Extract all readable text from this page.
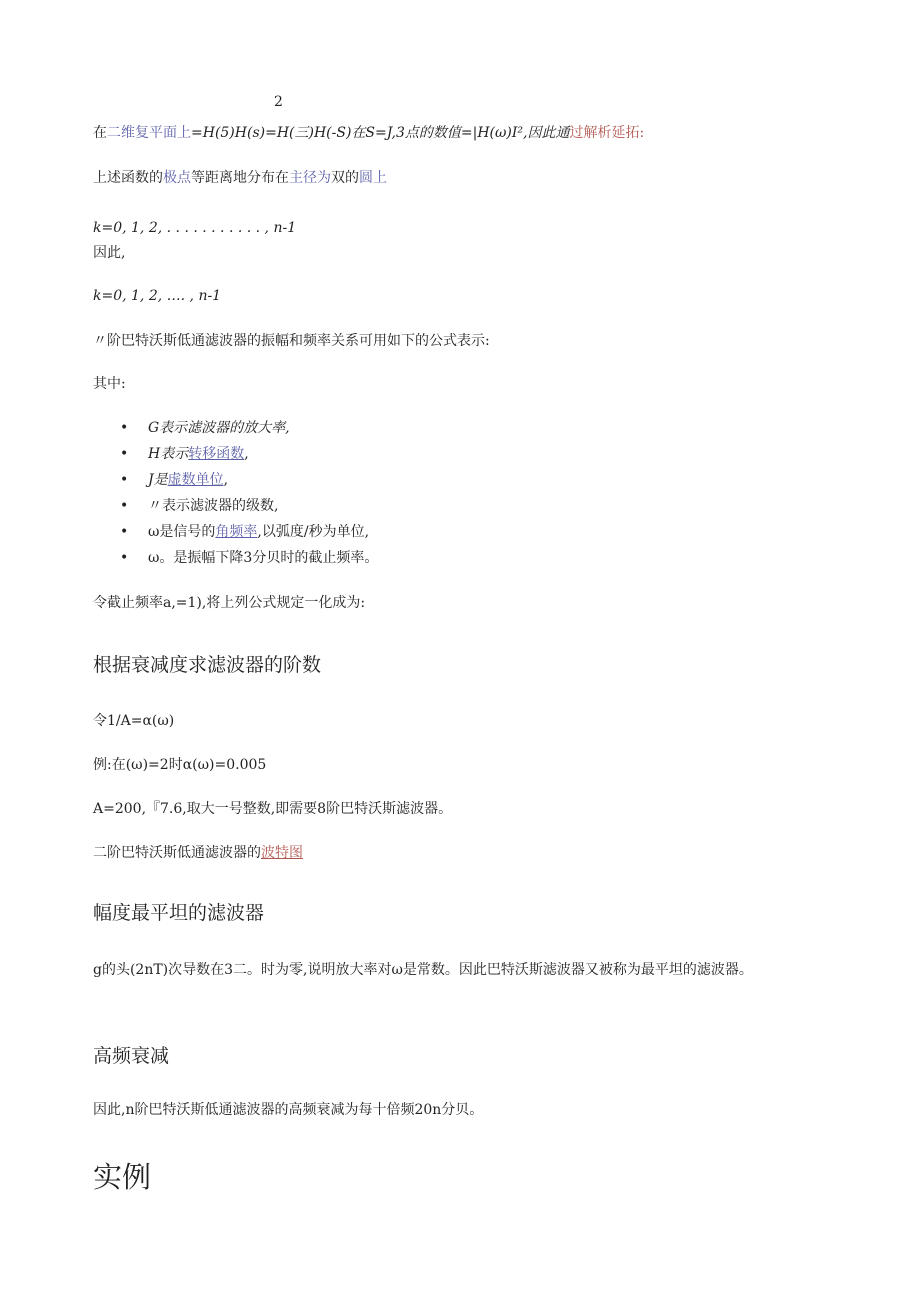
2
在二维复平面上=H(5)H(s)=H(三)H(-S)在S=J,3点的数值=|H(ω)I²,因此通过解析延拓:
上述函数的极点等距离地分布在主径为双的圆上
k=0, 1, 2, . . . . . . . . . . . , n-1
因此,
k=0, 1, 2, …. , n-1
〃阶巴特沃斯低通滤波器的振幅和频率关系可用如下的公式表示:
其中:
• G表示滤波器的放大率,
• H表示转移函数,
• J是虚数单位,
• 〃表示滤波器的级数,
• ω是信号的角频率,以弧度/秒为单位,
• ω。是振幅下降3分贝时的截止频率。
令截止频率a,=1),将上列公式规定一化成为:
根据衰减度求滤波器的阶数
令1/A=α(ω)
例:在(ω)=2时α(ω)=0.005
A=200,『7.6,取大一号整数,即需要8阶巴特沃斯滤波器。
二阶巴特沃斯低通滤波器的波特图
幅度最平坦的滤波器
g的头(2nT)次导数在3二。时为零,说明放大率对ω是常数。因此巴特沃斯滤波器又被称为最平坦的滤波器。
高频衰减
因此,n阶巴特沃斯低通滤波器的高频衰减为每十倍频20n分贝。
实例
